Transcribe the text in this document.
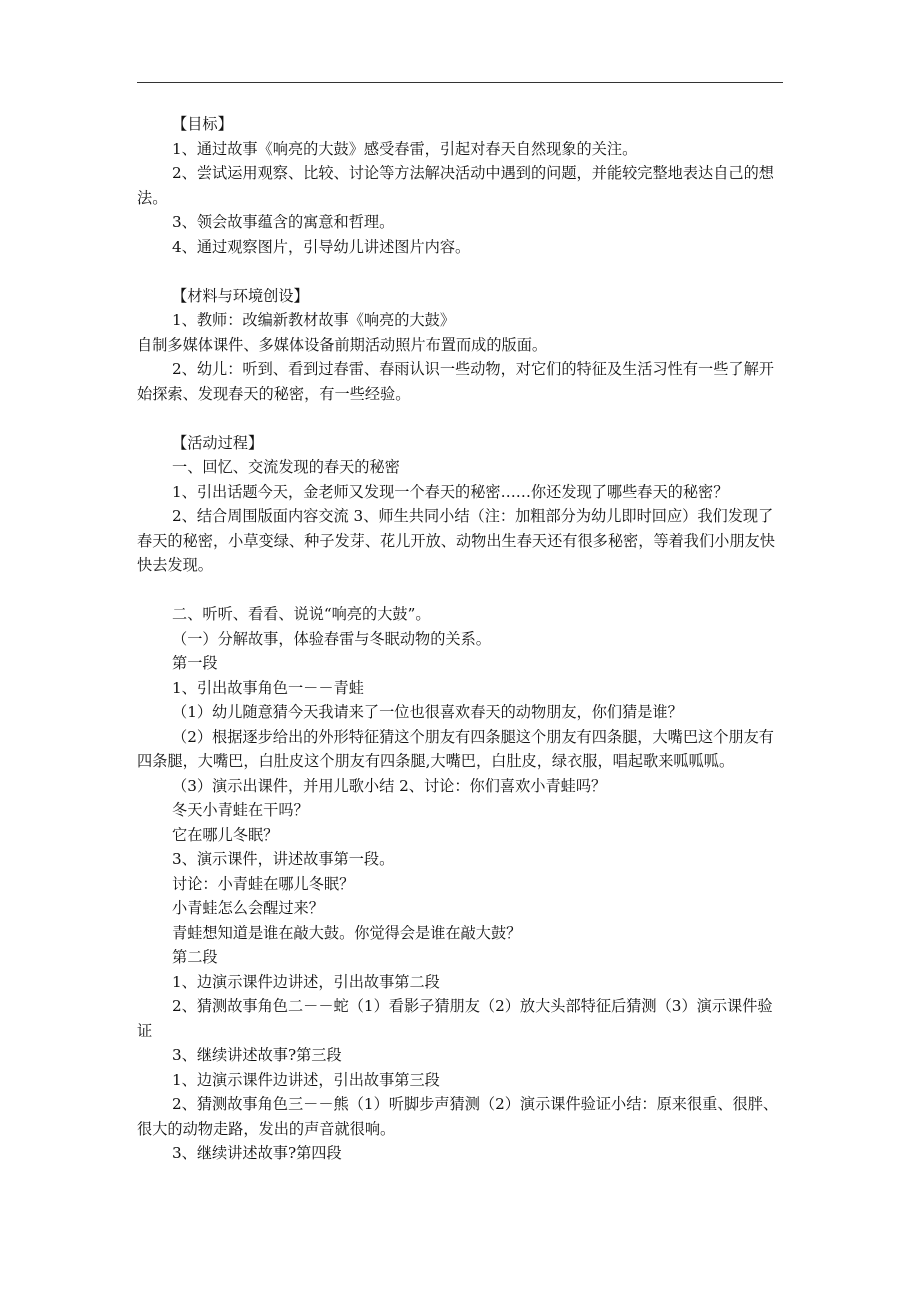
【目标】

1、通过故事《响亮的大鼓》感受春雷，引起对春天自然现象的关注。

2、尝试运用观察、比较、讨论等方法解决活动中遇到的问题，并能较完整地表达自己的想法。

3、领会故事蕴含的寓意和哲理。

4、通过观察图片，引导幼儿讲述图片内容。

【材料与环境创设】

1、教师：改编新教材故事《响亮的大鼓》

自制多媒体课件、多媒体设备前期活动照片布置而成的版面。

2、幼儿：听到、看到过春雷、春雨认识一些动物，对它们的特征及生活习性有一些了解开始探索、发现春天的秘密，有一些经验。

【活动过程】

一、回忆、交流发现的春天的秘密

1、引出话题今天，金老师又发现一个春天的秘密……你还发现了哪些春天的秘密？

2、结合周围版面内容交流 3、师生共同小结（注：加粗部分为幼儿即时回应）我们发现了春天的秘密，小草变绿、种子发芽、花儿开放、动物出生春天还有很多秘密，等着我们小朋友快快去发现。

二、听听、看看、说说“响亮的大鼓”。

（一）分解故事，体验春雷与冬眠动物的关系。

第一段

1、引出故事角色一－－青蛙

（1）幼儿随意猜今天我请来了一位也很喜欢春天的动物朋友，你们猜是谁？

（2）根据逐步给出的外形特征猜这个朋友有四条腿这个朋友有四条腿，大嘴巴这个朋友有四条腿，大嘴巴，白肚皮这个朋友有四条腿,大嘴巴，白肚皮，绿衣服，唱起歌来呱呱呱。

（3）演示出课件，并用儿歌小结 2、讨论：你们喜欢小青蛙吗？

冬天小青蛙在干吗？

它在哪儿冬眠？

3、演示课件，讲述故事第一段。

讨论：小青蛙在哪儿冬眠？

小青蛙怎么会醒过来？

青蛙想知道是谁在敲大鼓。你觉得会是谁在敲大鼓？

第二段

1、边演示课件边讲述，引出故事第二段

2、猜测故事角色二－－蛇（1）看影子猜朋友（2）放大头部特征后猜测（3）演示课件验证

3、继续讲述故事?第三段

1、边演示课件边讲述，引出故事第三段

2、猜测故事角色三－－熊（1）听脚步声猜测（2）演示课件验证小结：原来很重、很胖、很大的动物走路，发出的声音就很响。

3、继续讲述故事?第四段
